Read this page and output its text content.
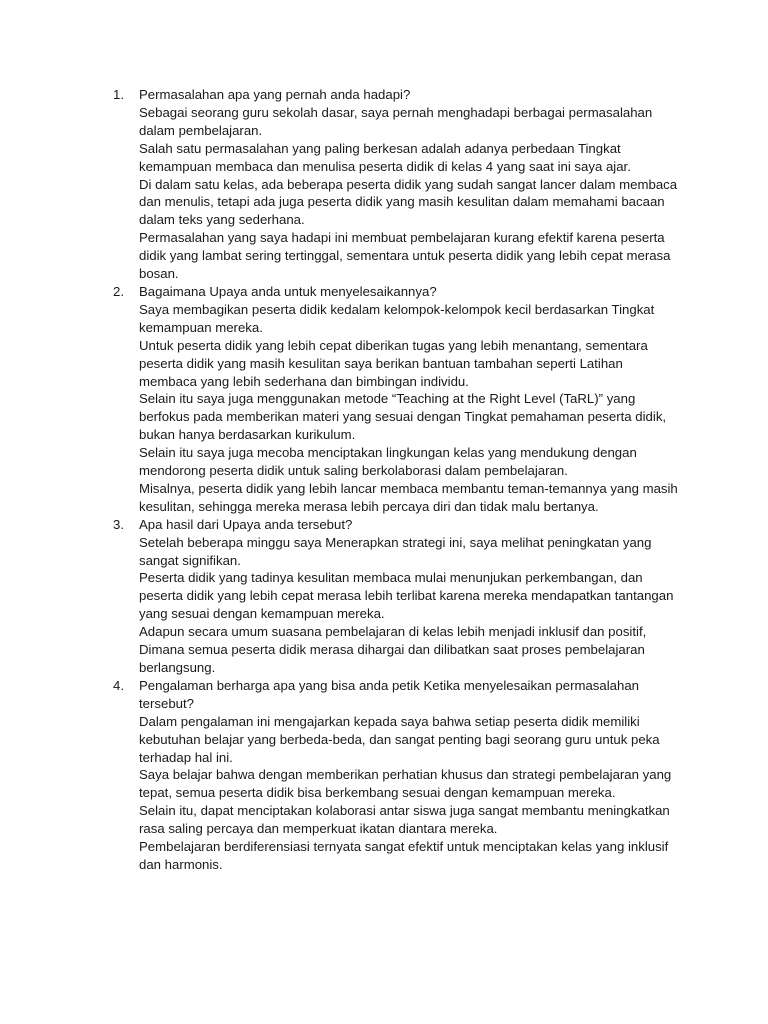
1.	Permasalahan apa yang pernah anda hadapi?
Sebagai seorang guru sekolah dasar, saya pernah menghadapi berbagai permasalahan dalam pembelajaran.
Salah satu permasalahan yang paling berkesan adalah adanya perbedaan Tingkat kemampuan membaca dan menulisa peserta didik di kelas 4 yang saat ini saya ajar.
Di dalam satu kelas, ada beberapa peserta didik yang sudah sangat lancer dalam membaca dan menulis, tetapi ada juga peserta didik yang masih kesulitan dalam memahami bacaan dalam teks yang sederhana.
Permasalahan yang saya hadapi ini membuat pembelajaran kurang efektif karena peserta didik yang lambat sering tertinggal, sementara untuk peserta didik yang lebih cepat merasa bosan.
2.	Bagaimana Upaya anda untuk menyelesaikannya?
Saya membagikan peserta didik kedalam kelompok-kelompok kecil berdasarkan Tingkat kemampuan mereka.
Untuk peserta didik yang lebih cepat diberikan tugas yang lebih menantang, sementara peserta didik yang masih kesulitan saya berikan bantuan tambahan seperti Latihan membaca yang lebih sederhana dan bimbingan individu.
Selain itu saya juga menggunakan metode “Teaching at the Right Level (TaRL)” yang berfokus pada memberikan materi yang sesuai dengan Tingkat pemahaman peserta didik, bukan hanya berdasarkan kurikulum.
Selain itu saya juga mecoba menciptakan lingkungan kelas yang mendukung dengan mendorong peserta didik untuk saling berkolaborasi dalam pembelajaran.
Misalnya, peserta didik yang lebih lancar membaca membantu teman-temannya yang masih kesulitan, sehingga mereka merasa lebih percaya diri dan tidak malu bertanya.
3.	Apa hasil dari Upaya anda tersebut?
Setelah beberapa minggu saya Menerapkan strategi ini, saya melihat peningkatan yang sangat signifikan.
Peserta didik yang tadinya kesulitan membaca mulai menunjukan perkembangan, dan peserta didik yang lebih cepat merasa lebih terlibat karena mereka mendapatkan tantangan yang sesuai dengan kemampuan mereka.
Adapun secara umum suasana pembelajaran di kelas lebih menjadi inklusif dan positif, Dimana semua peserta didik merasa dihargai dan dilibatkan saat proses pembelajaran berlangsung.
4.	Pengalaman berharga apa yang bisa anda petik Ketika menyelesaikan permasalahan tersebut?
Dalam pengalaman ini mengajarkan kepada saya bahwa setiap peserta didik memiliki kebutuhan belajar yang berbeda-beda, dan sangat penting bagi seorang guru untuk peka terhadap hal ini.
Saya belajar bahwa dengan memberikan perhatian khusus dan strategi pembelajaran yang tepat, semua peserta didik bisa berkembang sesuai dengan kemampuan mereka.
Selain itu, dapat menciptakan kolaborasi antar siswa juga sangat membantu meningkatkan rasa saling percaya dan memperkuat ikatan diantara mereka.
Pembelajaran berdiferensiasi ternyata sangat efektif untuk menciptakan kelas yang inklusif dan harmonis.
